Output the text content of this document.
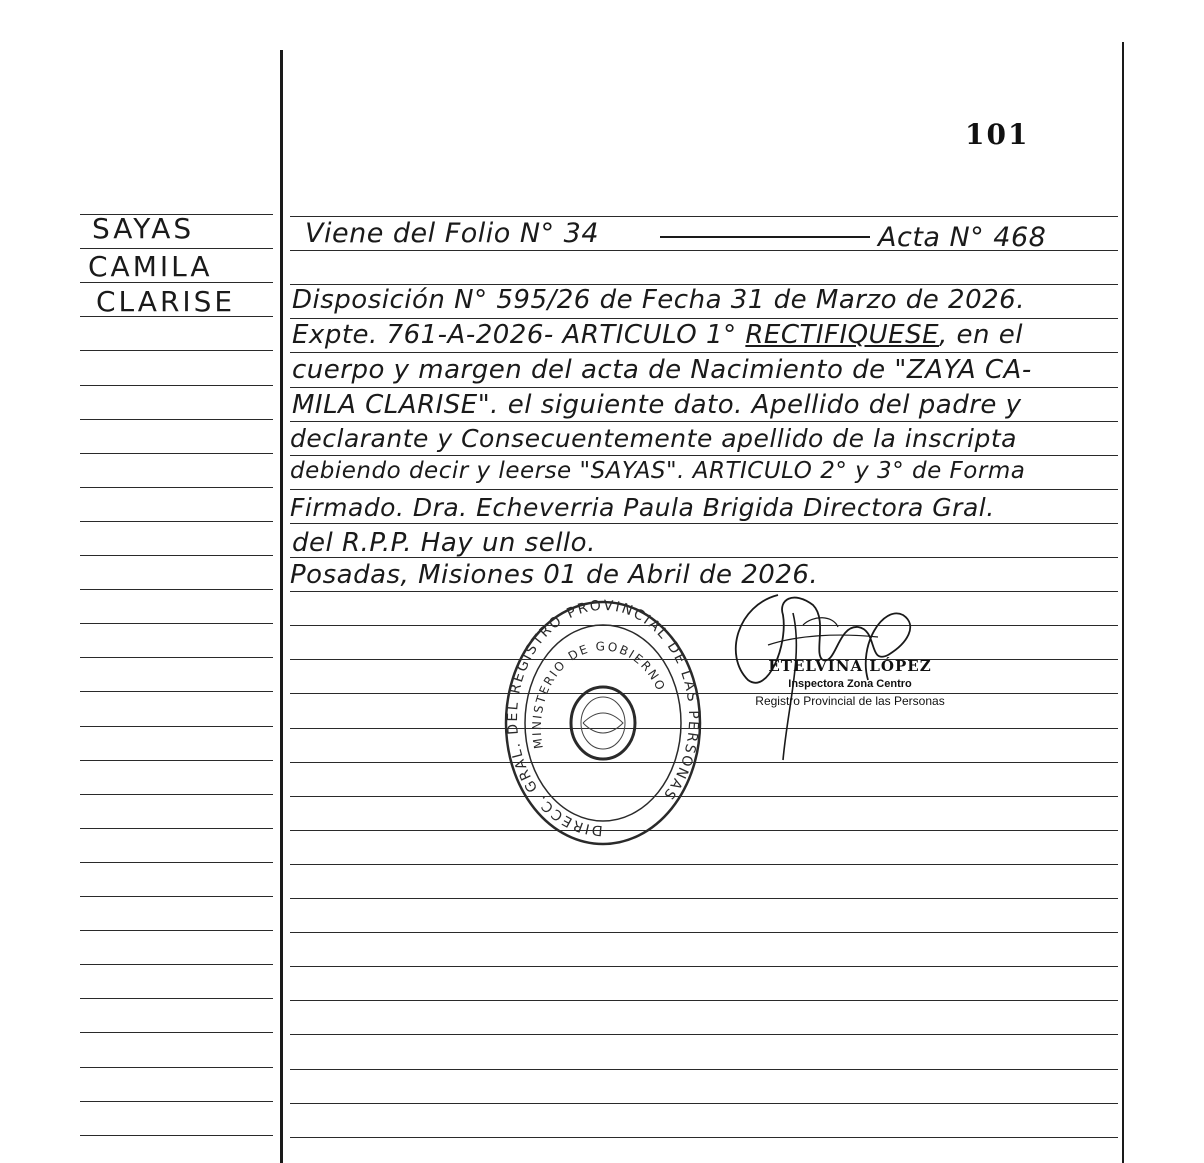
101
SAYAS
CAMILA
CLARISE
Viene del Folio N° 34	Acta N° 468
Disposición N° 595/26 de Fecha 31 de Marzo de 2026.
Expte. 761-A-2026- ARTICULO 1° RECTIFIQUESE, en el
cuerpo y margen del acta de Nacimiento de "ZAYA CA-
MILA CLARISE". el siguiente dato. Apellido del padre y
declarante y Consecuentemente apellido de la inscripta
debiendo decir y leerse "SAYAS". ARTICULO 2° y 3° de Forma
Firmado. Dra. Echeverria Paula Brigida Directora Gral.
del R.P.P. Hay un sello.
Posadas, Misiones 01 de Abril de 2026.
DIRECC. GRAL. DEL REGISTRO PROVINCIAL DE LAS PERSONAS
MINISTERIO DE GOBIERNO
ETELVINA LÓPEZ
Inspectora Zona Centro
Registro Provincial de las Personas
